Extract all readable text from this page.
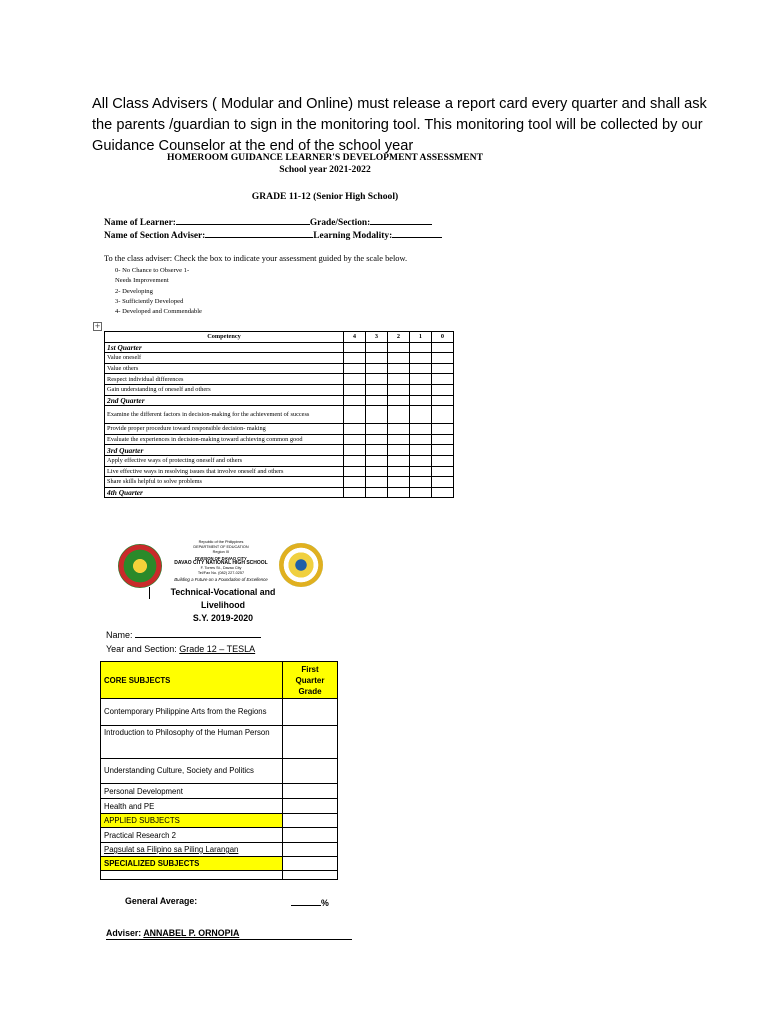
All Class Advisers ( Modular and Online) must release a report card every quarter and shall ask the parents /guardian to sign in the monitoring tool. This monitoring tool will be collected by our Guidance Counselor at the end of the school year
HOMEROOM GUIDANCE LEARNER'S DEVELOPMENT ASSESSMENT
School year 2021-2022
GRADE 11-12 (Senior High School)
Name of Learner:	Grade/Section:
Name of Section Adviser:	Learning Modality:
To the class adviser: Check the box to indicate your assessment guided by the scale below.
0- No Chance to Observe 1-
Needs Improvement
2- Developing
3- Sufficiently Developed
4- Developed and Commendable
+
Competency	4	3	2	1	0
1st Quarter					
Value oneself					
Value others					
Respect individual differences					
Gain understanding of oneself and others					
2nd Quarter					
Examine the different factors in decision-making for the achievement of success					
Provide proper procedure toward responsible decision- making					
Evaluate the experiences in decision-making toward achieving common good					
3rd Quarter					
Apply effective ways of protecting oneself and others					
Live effective ways in resolving issues that involve oneself and others					
Share skills helpful to solve problems					
4th Quarter					
Republic of the Philippines
DEPARTMENT OF EDUCATION
Region XI
DIVISION OF DAVAO CITY
DAVAO CITY NATIONAL HIGH SCHOOL
F. Torres St., Davao City
Tel/Fax No. (082) 227-0257
Building a Future on a Foundation of Excellence
Technical-Vocational and Livelihood
S.Y. 2019-2020
Name:
Year and Section: Grade 12 – TESLA
CORE SUBJECTS	First Quarter Grade
Contemporary Philippine Arts from the Regions	
Introduction to Philosophy of the Human Person	
Understanding Culture, Society and Politics	
Personal Development	
Health and PE	
APPLIED SUBJECTS	
Practical Research 2	
Pagsulat sa Filipino sa Piling Larangan	
SPECIALIZED SUBJECTS	

General Average:	%
Adviser: ANNABEL P. ORNOPIA
